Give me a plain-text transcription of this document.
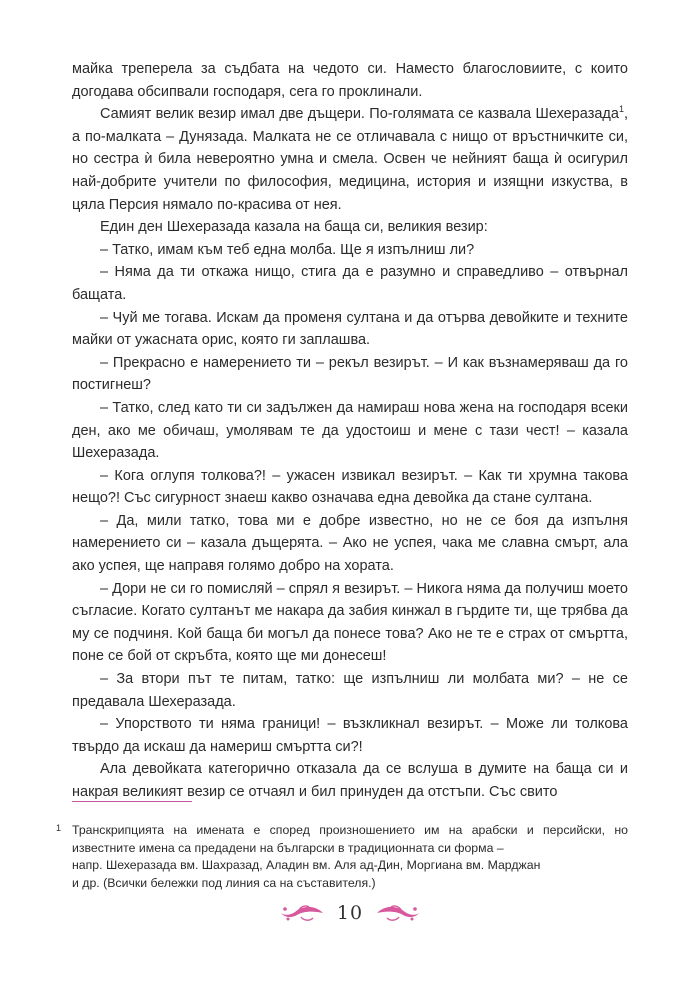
майка треперела за съдбата на чедото си. Наместо благословиите, с които догодава обсипвали господаря, сега го проклинали.

Самият велик везир имал две дъщери. По-голямата се казвала Шехеразада$^1$, а по-малката – Дунязада. Малката не се отличавала с нищо от връстничките си, но сестра ѝ била невероятно умна и смела. Освен че нейният баща ѝ осигурил най-добрите учители по философия, медицина, история и изящни изкуства, в цяла Персия нямало по-красива от нея.

Един ден Шехеразада казала на баща си, великия везир:

– Татко, имам към теб една молба. Ще я изпълниш ли?

– Няма да ти откажа нищо, стига да е разумно и справедливо – отвърнал бащата.

– Чуй ме тогава. Искам да променя султана и да отървa девойките и техните майки от ужасната орис, която ги заплашва.

– Прекрасно е намерението ти – рекъл везирът. – И как възнамеряваш да го постигнеш?

– Татко, след като ти си задължен да намираш нова жена на господаря всеки ден, ако ме обичаш, умолявам те да удостоиш и мене с тази чест! – казала Шехеразада.

– Кога оглупя толкова?! – ужасен извикал везирът. – Как ти хрумна такова нещо?! Със сигурност знаеш какво означава една девойка да стане султана.

– Да, мили татко, това ми е добре известно, но не се боя да изпълня намерението си – казала дъщерята. – Ако не успея, чака ме славна смърт, ала ако успея, ще направя голямо добро на хората.

– Дори не си го помисляй – спрял я везирът. – Никога няма да получиш моето съгласие. Когато султанът ме накара да забия кинжал в гърдите ти, ще трябва да му се подчиня. Кой баща би могъл да понесе това? Ако не те е страх от смъртта, поне се бой от скръбта, която ще ми донесеш!

– За втори път те питам, татко: ще изпълниш ли молбата ми? – не се предавала Шехеразада.

– Упорството ти няма граници! – възкликнал везирът. – Може ли толкова твърдо да искаш да намериш смъртта си?!

Ала девойката категорично отказала да се вслуша в думите на баща си и накрая великият везир се отчаял и бил принуден да отстъпи. Със свито

1 Транскрипцията на имената е според произношението им на арабски и персийски, но известните имена са предадени на български в традиционната си форма –
напр. Шехеразада вм. Шахразад, Аладин вм. Аля ад-Дин, Моргиана вм. Марджан
и др. (Всички бележки под линия са на съставителя.)
10
